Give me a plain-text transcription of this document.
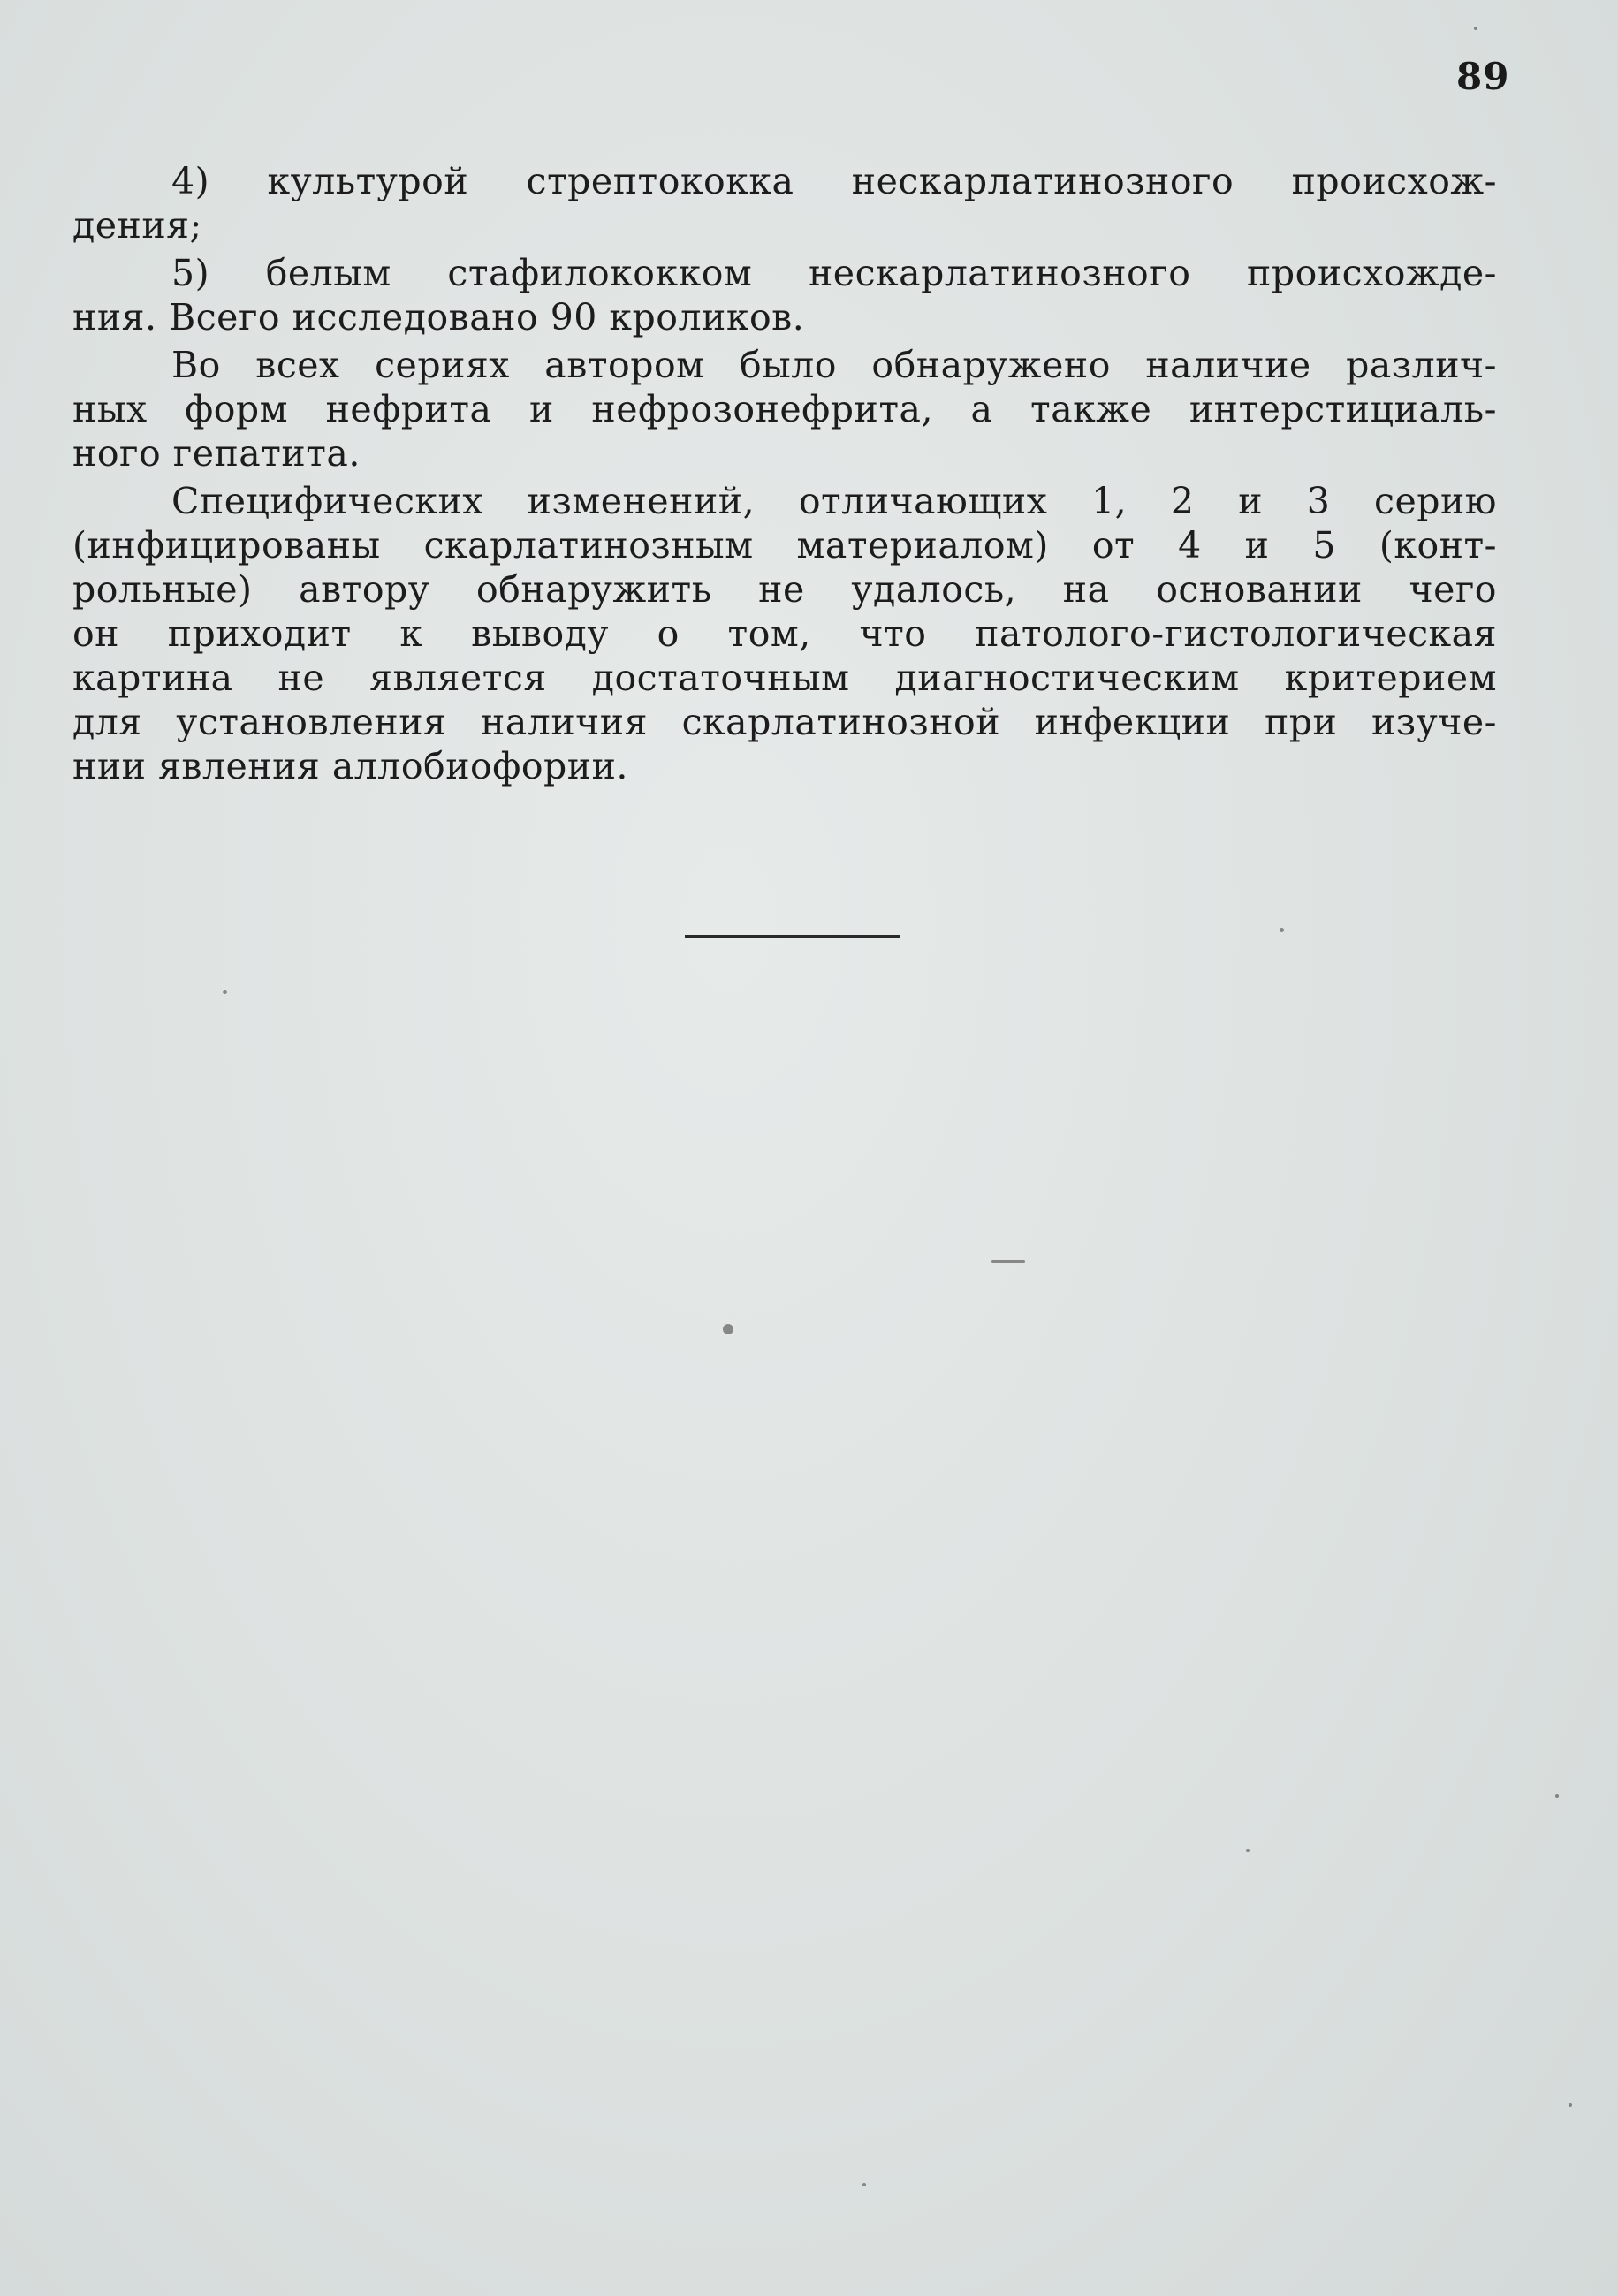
89

4) культурой стрептококка нескарлатинозного происхож-
дения;

5) белым стафилококком нескарлатинозного происхожде-
ния. Всего исследовано 90 кроликов.

Во всех сериях автором было обнаружено наличие различ-
ных форм нефрита и нефрозонефрита, а также интерстициаль-
ного гепатита.

Специфических изменений, отличающих 1, 2 и 3 серию
(инфицированы скарлатинозным материалом) от 4 и 5 (конт-
рольные) автору обнаружить не удалось, на основании чего
он приходит к выводу о том, что патолого-гистологическая
картина не является достаточным диагностическим критерием
для установления наличия скарлатинозной инфекции при изуче-
нии явления аллобиофории.
